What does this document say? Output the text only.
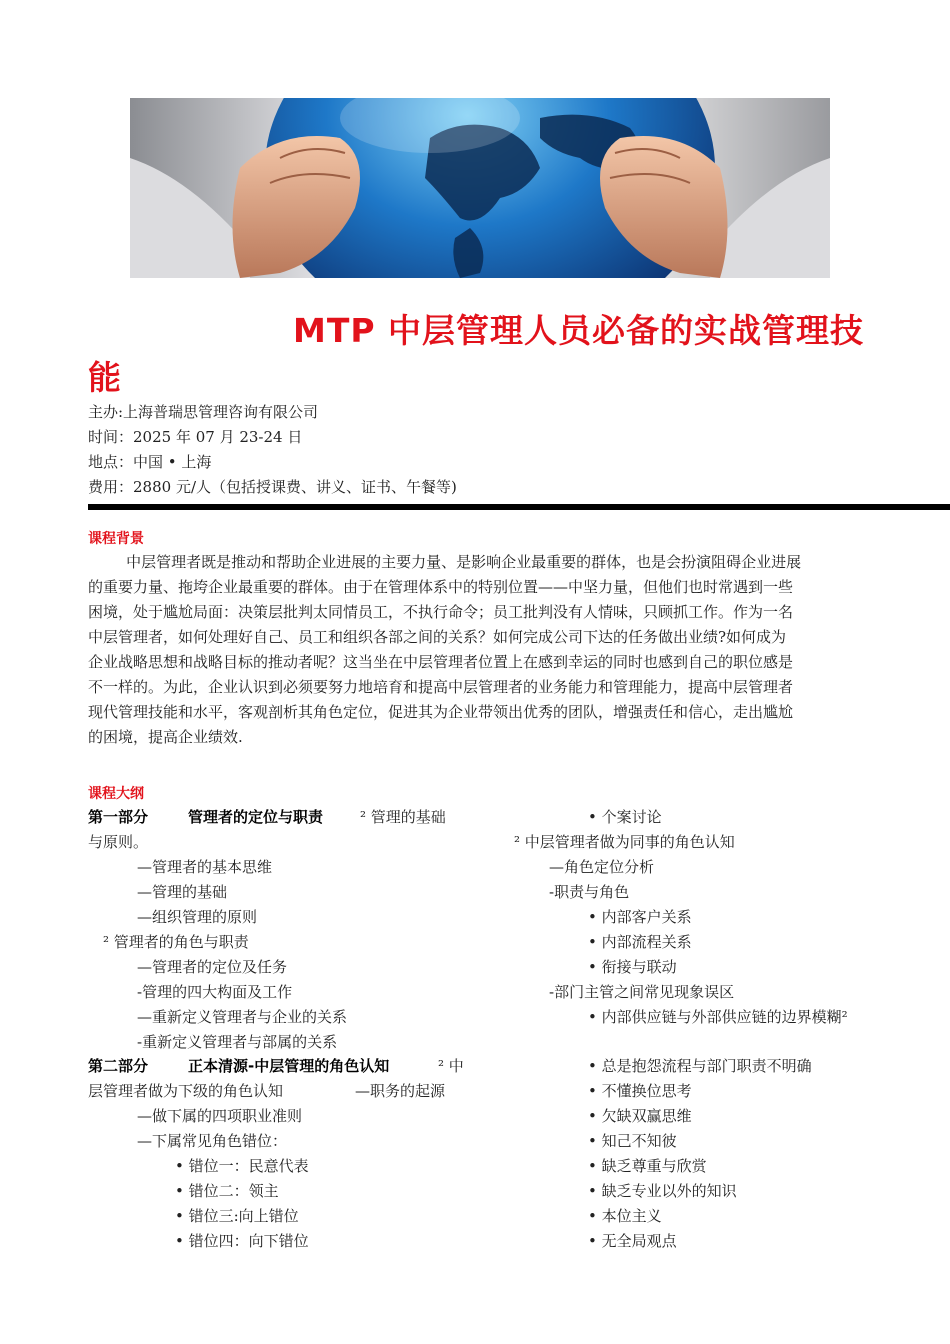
MTP 中层管理人员必备的实战管理技
能
主办:上海普瑞思管理咨询有限公司
时间：2025 年 07 月 23-24 日
地点：中国 • 上海
费用：2880 元/人（包括授课费、讲义、证书、午餐等)
课程背景
中层管理者既是推动和帮助企业进展的主要力量、是影响企业最重要的群体，也是会扮演阻碍企业进展
的重要力量、拖垮企业最重要的群体。由于在管理体系中的特别位置——中坚力量，但他们也时常遇到一些
困境，处于尴尬局面：决策层批判太同情员工，不执行命令；员工批判没有人情味，只顾抓工作。作为一名
中层管理者，如何处理好自己、员工和组织各部之间的关系？如何完成公司下达的任务做出业绩?如何成为
企业战略思想和战略目标的推动者呢？这当坐在中层管理者位置上在感到幸运的同时也感到自己的职位感是
不一样的。为此，企业认识到必须要努力地培育和提高中层管理者的业务能力和管理能力，提高中层管理者
现代管理技能和水平，客观剖析其角色定位，促进其为企业带领出优秀的团队，增强责任和信心，走出尴尬
的困境，提高企业绩效.
课程大纲
第一部分	管理者的定位与职责 ² 管理的基础
与原则。
—管理者的基本思维
—管理的基础
—组织管理的原则
² 管理者的角色与职责
—管理者的定位及任务
-管理的四大构面及工作
—重新定义管理者与企业的关系
-重新定义管理者与部属的关系
第二部分	正本清源-中层管理的角色认知	² 中
层管理者做为下级的角色认知	—职务的起源
—做下属的四项职业准则
—下属常见角色错位：
• 错位一：民意代表
• 错位二：领主
• 错位三:向上错位
• 错位四：向下错位
• 个案讨论
² 中层管理者做为同事的角色认知
—角色定位分析
-职责与角色
• 内部客户关系
• 内部流程关系
• 衔接与联动
-部门主管之间常见现象误区
• 内部供应链与外部供应链的边界模糊²
• 总是抱怨流程与部门职责不明确
• 不懂换位思考
• 欠缺双赢思维
• 知己不知彼
• 缺乏尊重与欣赏
• 缺乏专业以外的知识
• 本位主义
• 无全局观点
